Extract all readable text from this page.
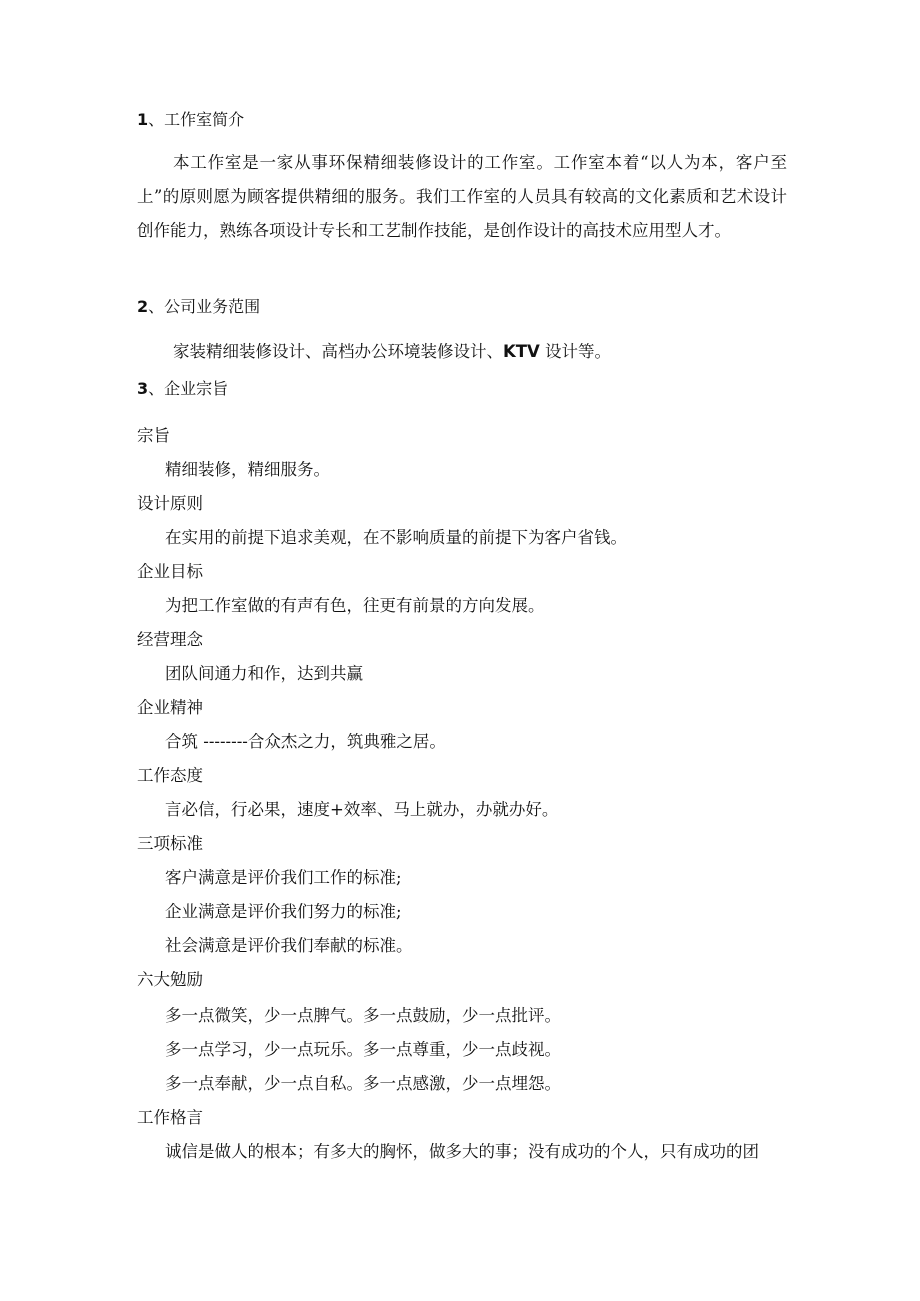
1、工作室简介
本工作室是一家从事环保精细装修设计的工作室。工作室本着“以人为本，客户至上”的原则愿为顾客提供精细的服务。我们工作室的人员具有较高的文化素质和艺术设计创作能力，熟练各项设计专长和工艺制作技能，是创作设计的高技术应用型人才。
2、公司业务范围
家装精细装修设计、高档办公环境装修设计、KTV 设计等。
3、企业宗旨
宗旨
精细装修，精细服务。
设计原则
在实用的前提下追求美观，在不影响质量的前提下为客户省钱。
企业目标
为把工作室做的有声有色，往更有前景的方向发展。
经营理念
团队间通力和作，达到共赢
企业精神
合筑 --------合众杰之力，筑典雅之居。
工作态度
言必信，行必果，速度+效率、马上就办，办就办好。
三项标准
客户满意是评价我们工作的标准;
企业满意是评价我们努力的标准;
社会满意是评价我们奉献的标准。
六大勉励
多一点微笑，少一点脾气。多一点鼓励，少一点批评。
多一点学习，少一点玩乐。多一点尊重，少一点歧视。
多一点奉献，少一点自私。多一点感激，少一点埋怨。
工作格言
诚信是做人的根本；有多大的胸怀，做多大的事；没有成功的个人，只有成功的团
